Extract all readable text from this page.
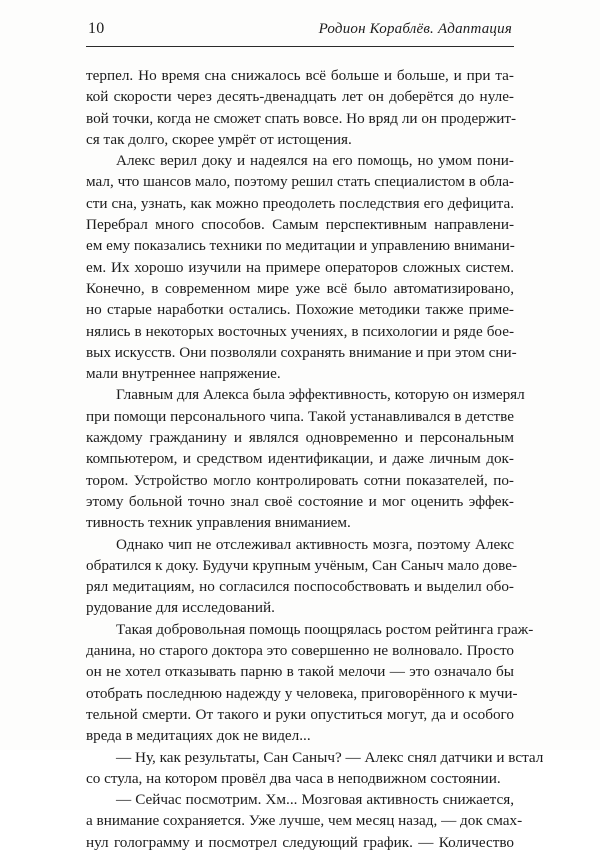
10	Родион Кораблёв. Адаптация
терпел. Но время сна снижалось всё больше и больше, и при та-
кой скорости через десять-двенадцать лет он доберётся до нуле-
вой точки, когда не сможет спать вовсе. Но вряд ли он продержит-
ся так долго, скорее умрёт от истощения.
Алекс верил доку и надеялся на его помощь, но умом пони-
мал, что шансов мало, поэтому решил стать специалистом в обла-
сти сна, узнать, как можно преодолеть последствия его дефицита.
Перебрал много способов. Самым перспективным направлени-
ем ему показались техники по медитации и управлению внимани-
ем. Их хорошо изучили на примере операторов сложных систем.
Конечно, в современном мире уже всё было автоматизировано,
но старые наработки остались. Похожие методики также приме-
нялись в некоторых восточных учениях, в психологии и ряде бое-
вых искусств. Они позволяли сохранять внимание и при этом сни-
мали внутреннее напряжение.
Главным для Алекса была эффективность, которую он измерял
при помощи персонального чипа. Такой устанавливался в детстве
каждому гражданину и являлся одновременно и персональным
компьютером, и средством идентификации, и даже личным док-
тором. Устройство могло контролировать сотни показателей, по-
этому больной точно знал своё состояние и мог оценить эффек-
тивность техник управления вниманием.
Однако чип не отслеживал активность мозга, поэтому Алекс
обратился к доку. Будучи крупным учёным, Сан Саныч мало дове-
рял медитациям, но согласился поспособствовать и выделил обо-
рудование для исследований.
Такая добровольная помощь поощрялась ростом рейтинга граж-
данина, но старого доктора это совершенно не волновало. Просто
он не хотел отказывать парню в такой мелочи — это означало бы
отобрать последнюю надежду у человека, приговорённого к мучи-
тельной смерти. От такого и руки опуститься могут, да и особого
вреда в медитациях док не видел...
— Ну, как результаты, Сан Саныч? — Алекс снял датчики и встал
со стула, на котором провёл два часа в неподвижном состоянии.
— Сейчас посмотрим. Хм... Мозговая активность снижается,
а внимание сохраняется. Уже лучше, чем месяц назад, — док смах-
нул голограмму и посмотрел следующий график. — Количество
